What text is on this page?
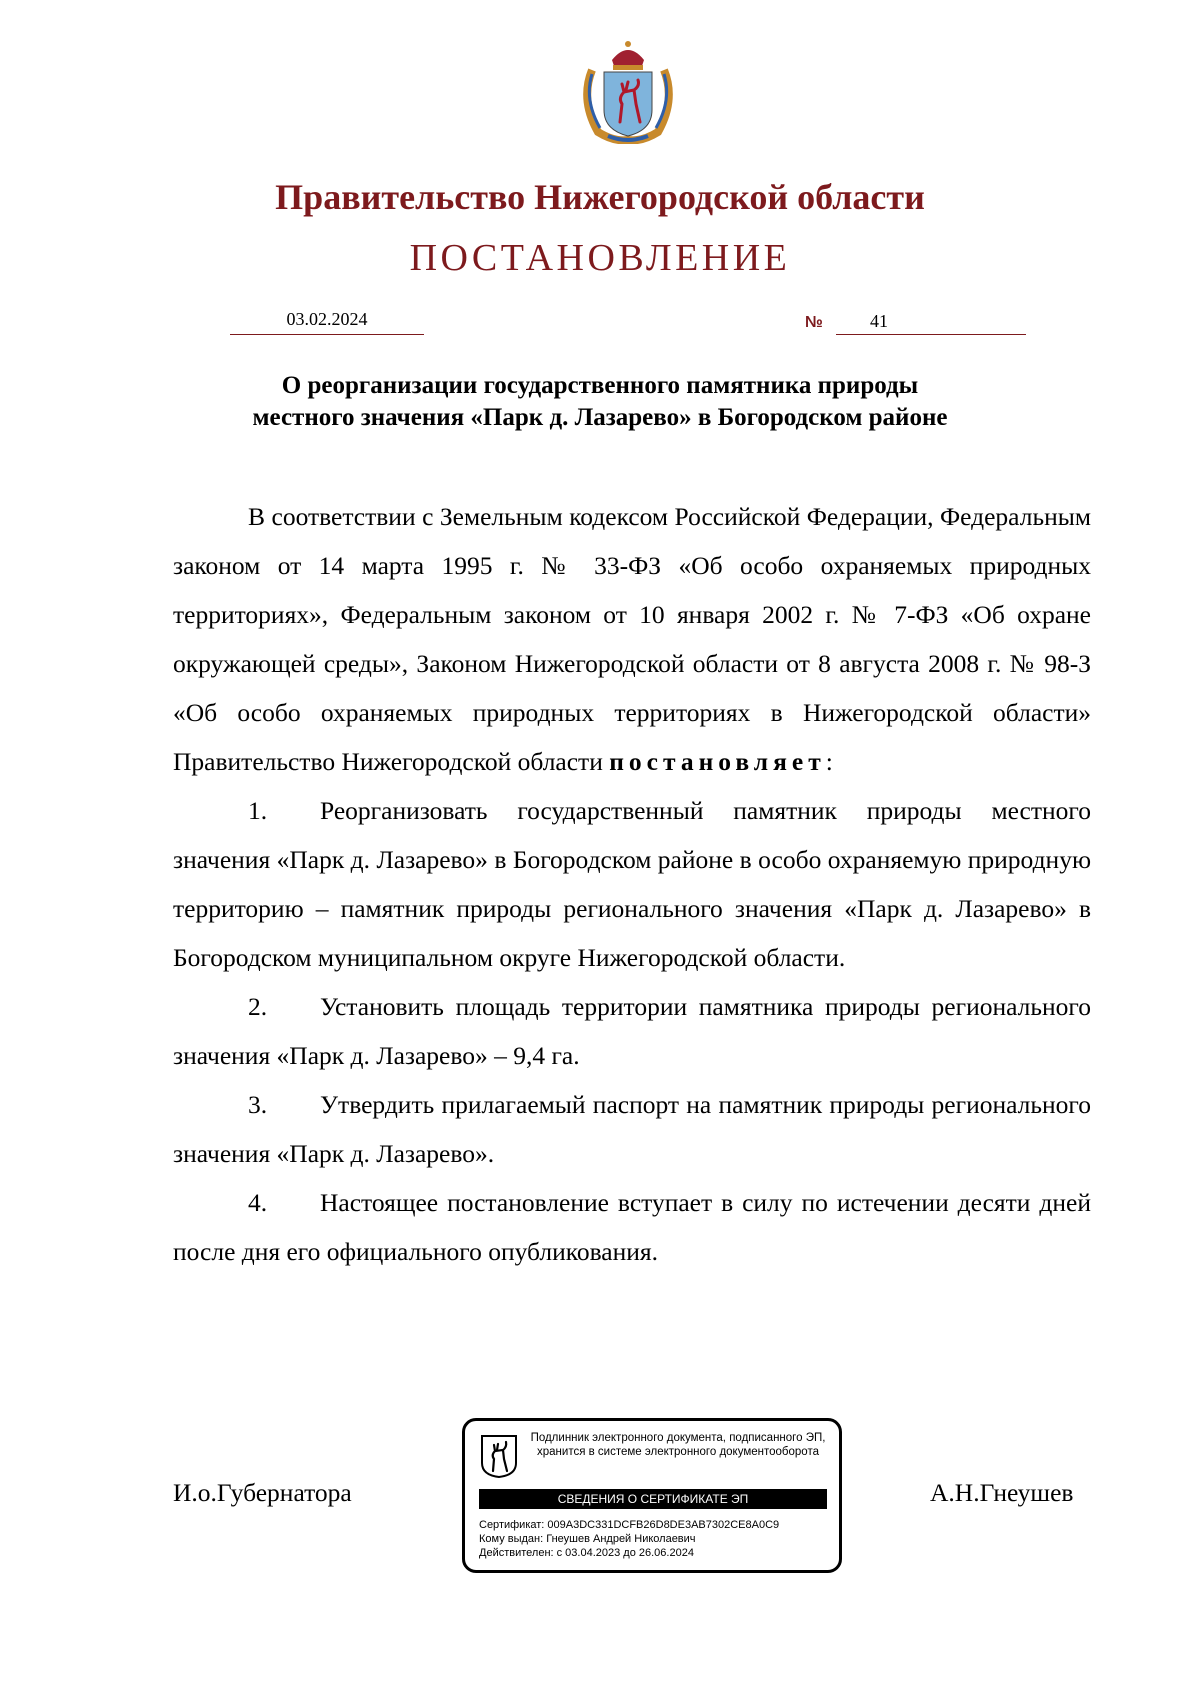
Правительство Нижегородской области
ПОСТАНОВЛЕНИЕ
03.02.2024	№	41
О реорганизации государственного памятника природы
местного значения «Парк д. Лазарево» в Богородском районе

В соответствии с Земельным кодексом Российской Федерации, Федеральным законом от 14 марта 1995 г. № 33-ФЗ «Об особо охраняемых природных территориях», Федеральным законом от 10 января 2002 г. № 7-ФЗ «Об охране окружающей среды», Законом Нижегородской области от 8 августа 2008 г. № 98-З «Об особо охраняемых природных территориях в Нижегородской области» Правительство Нижегородской области постановляет:

1. Реорганизовать государственный памятник природы местного значения «Парк д. Лазарево» в Богородском районе в особо охраняемую природную территорию – памятник природы регионального значения «Парк д. Лазарево» в Богородском муниципальном округе Нижегородской области.

2. Установить площадь территории памятника природы регионального значения «Парк д. Лазарево» – 9,4 га.

3. Утвердить прилагаемый паспорт на памятник природы регионального значения «Парк д. Лазарево».

4. Настоящее постановление вступает в силу по истечении десяти дней после дня его официального опубликования.

И.о.Губернатора	А.Н.Гнеушев
Подлинник электронного документа, подписанного ЭП, хранится в системе электронного документооборота
СВЕДЕНИЯ О СЕРТИФИКАТЕ ЭП
Сертификат: 009A3DC331DCFB26D8DE3AB7302CE8A0C9
Кому выдан: Гнеушев Андрей Николаевич
Действителен: с 03.04.2023 до 26.06.2024
